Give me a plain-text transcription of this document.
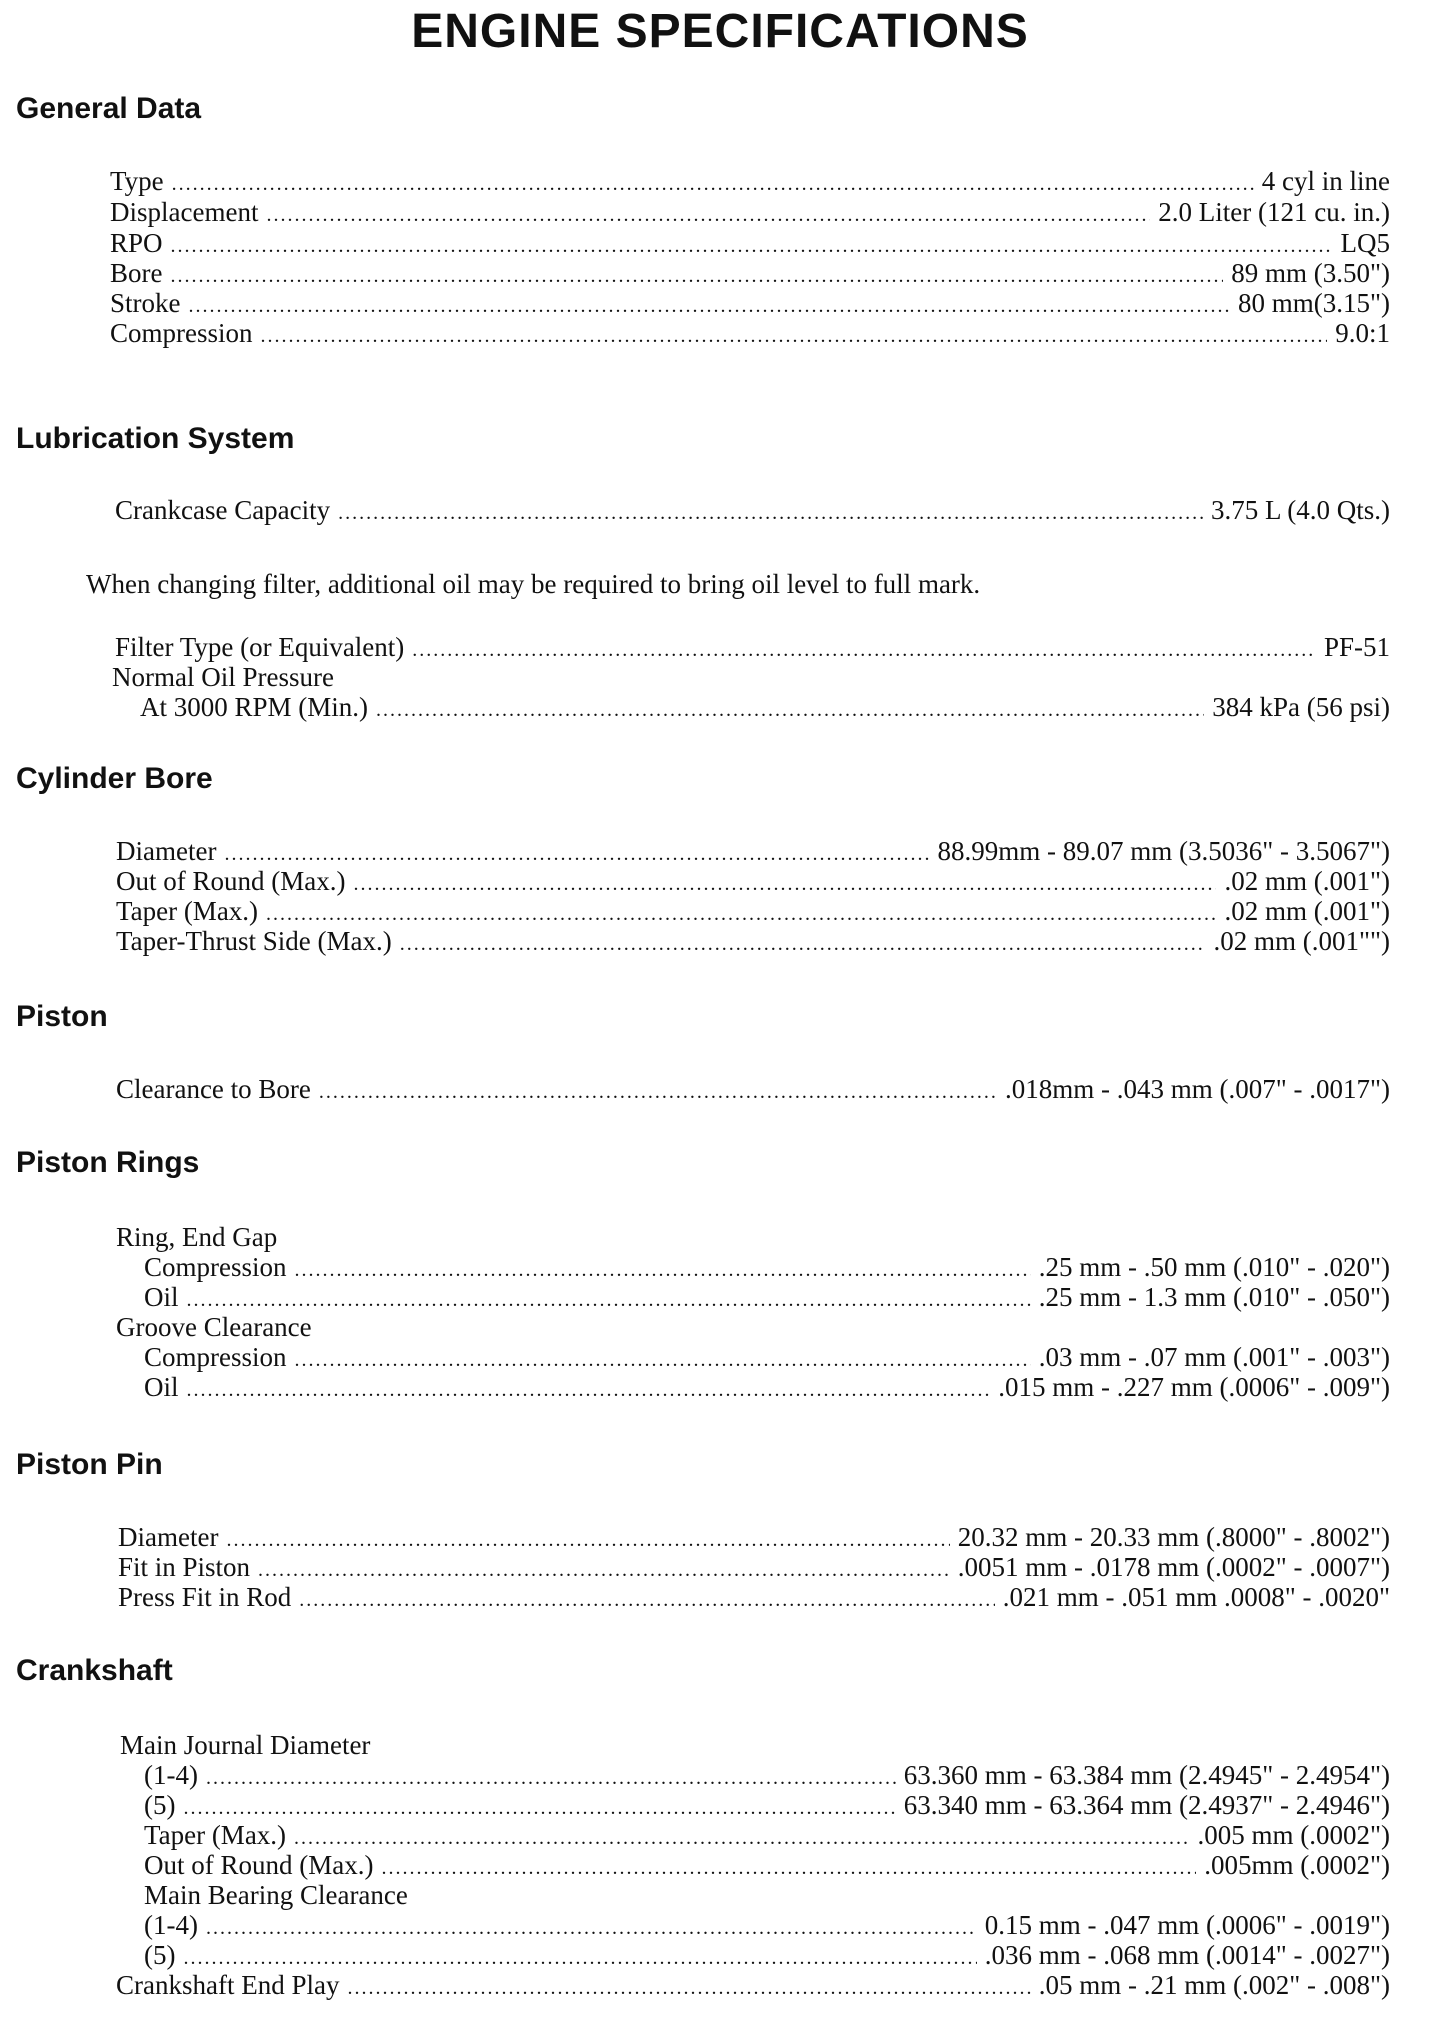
ENGINE SPECIFICATIONS
General Data
Type .....	4 cyl in line
Displacement .....	2.0 Liter (121 cu. in.)
RPO .....	LQ5
Bore .....	89 mm (3.50")
Stroke .....	80 mm(3.15")
Compression .....	9.0:1
Lubrication System
Crankcase Capacity .....	3.75 L (4.0 Qts.)
When changing filter, additional oil may be required to bring oil level to full mark.
Filter Type (or Equivalent) .....	PF-51
Normal Oil Pressure
At 3000 RPM (Min.) .....	384 kPa (56 psi)
Cylinder Bore
Diameter .....	88.99mm - 89.07 mm (3.5036" - 3.5067")
Out of Round (Max.) .....	.02 mm (.001")
Taper (Max.) .....	.02 mm (.001")
Taper-Thrust Side (Max.) .....	.02 mm (.001"")
Piston
Clearance to Bore .....	.018mm - .043 mm (.007" - .0017")
Piston Rings
Ring, End Gap
Compression .....	.25 mm - .50 mm (.010" - .020")
Oil .....	.25 mm - 1.3 mm (.010" - .050")
Groove Clearance
Compression .....	.03 mm - .07 mm (.001" - .003")
Oil .....	.015 mm - .227 mm (.0006" - .009")
Piston Pin
Diameter .....	20.32 mm - 20.33 mm (.8000" - .8002")
Fit in Piston .....	.0051 mm - .0178 mm (.0002" - .0007")
Press Fit in Rod .....	.021 mm - .051 mm .0008" - .0020"
Crankshaft
Main Journal Diameter
(1-4) .....	63.360 mm - 63.384 mm (2.4945" - 2.4954")
(5) .....	63.340 mm - 63.364 mm (2.4937" - 2.4946")
Taper (Max.) .....	.005 mm (.0002")
Out of Round (Max.) .....	.005mm (.0002")
Main Bearing Clearance
(1-4) .....	0.15 mm - .047 mm (.0006" - .0019")
(5) .....	.036 mm - .068 mm (.0014" - .0027")
Crankshaft End Play .....	.05 mm - .21 mm (.002" - .008")
